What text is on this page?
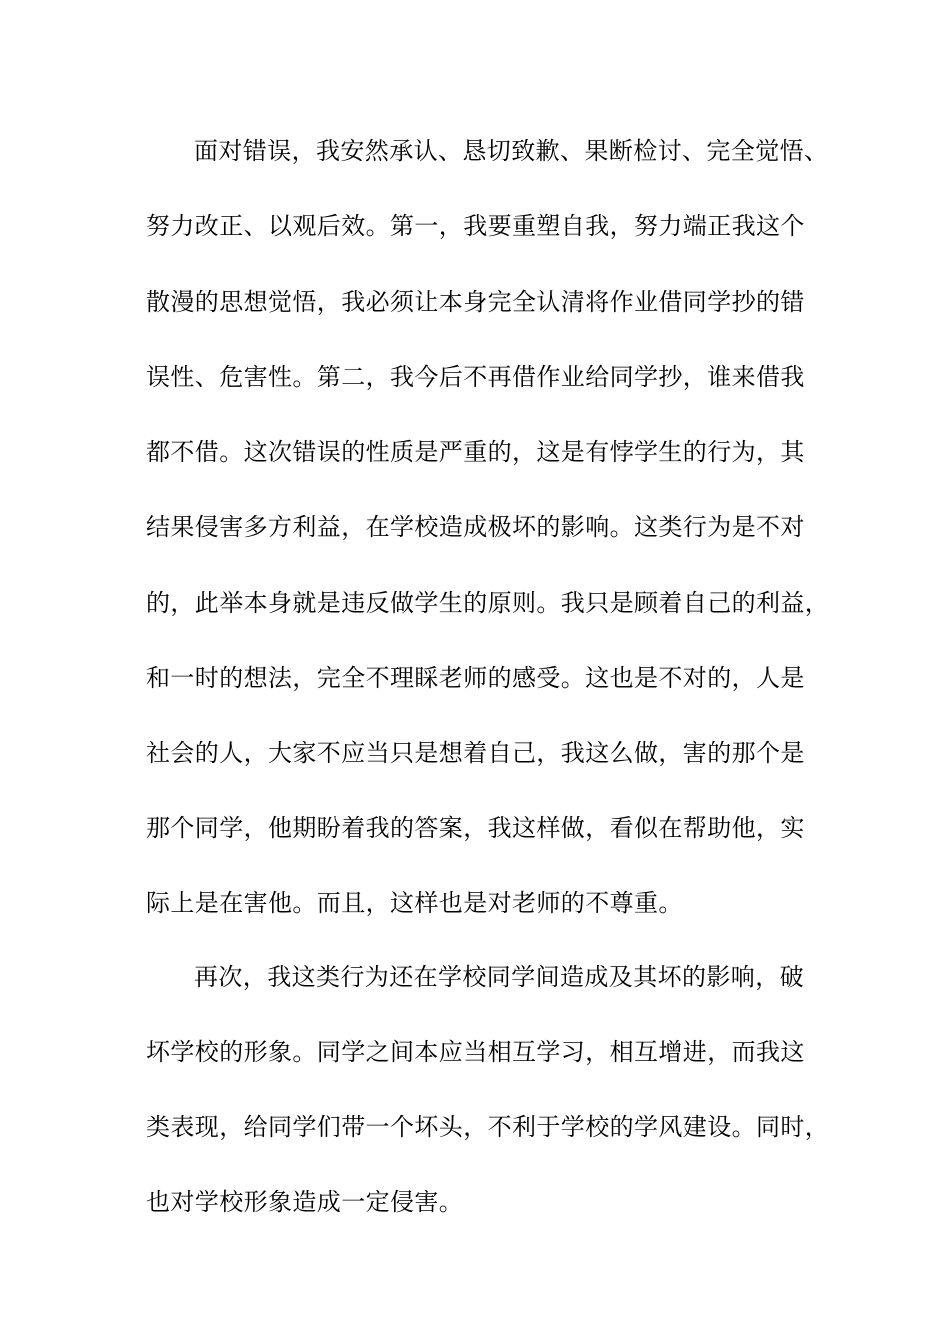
面对错误，我安然承认、恳切致歉、果断检讨、完全觉悟、
努力改正、以观后效。第一，我要重塑自我，努力端正我这个
散漫的思想觉悟，我必须让本身完全认清将作业借同学抄的错
误性、危害性。第二，我今后不再借作业给同学抄，谁来借我
都不借。这次错误的性质是严重的，这是有悖学生的行为，其
结果侵害多方利益，在学校造成极坏的影响。这类行为是不对
的，此举本身就是违反做学生的原则。我只是顾着自己的利益，
和一时的想法，完全不理睬老师的感受。这也是不对的，人是
社会的人，大家不应当只是想着自己，我这么做，害的那个是
那个同学，他期盼着我的答案，我这样做，看似在帮助他，实
际上是在害他。而且，这样也是对老师的不尊重。
再次，我这类行为还在学校同学间造成及其坏的影响，破
坏学校的形象。同学之间本应当相互学习，相互增进，而我这
类表现，给同学们带一个坏头，不利于学校的学风建设。同时，
也对学校形象造成一定侵害。
